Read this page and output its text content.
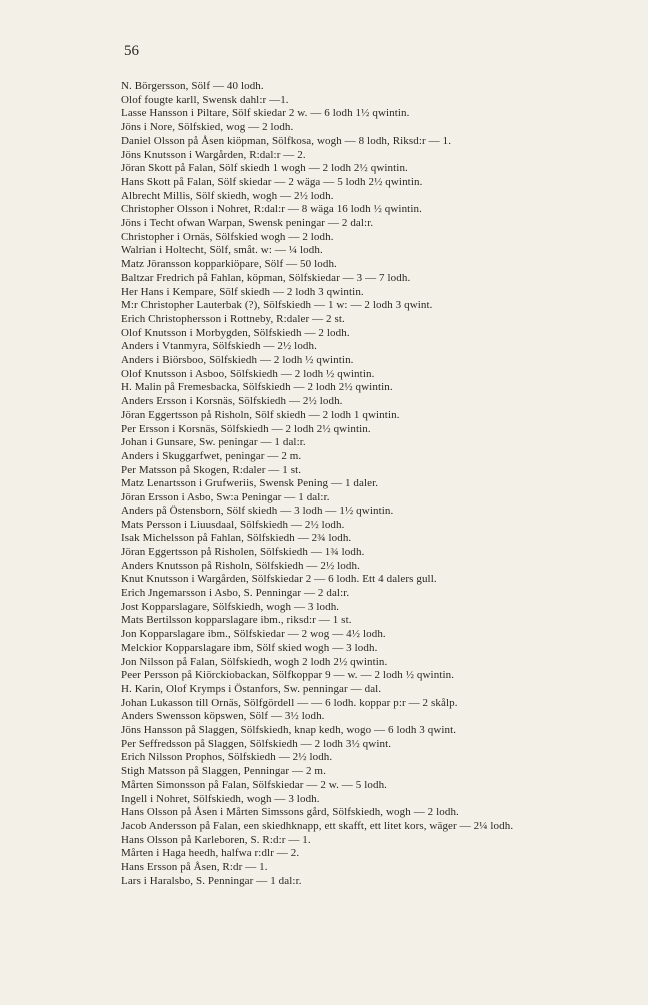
56
N. Börgersson, Sölf — 40 lodh.
Olof fougte karll, Swensk dahl:r —1.
Lasse Hansson i Piltare, Sölf skiedar 2 w. — 6 lodh 1½ qwintin.
Jöns i Nore, Sölfskied, wog — 2 lodh.
Daniel Olsson på Åsen kiöpman, Sölfkosa, wogh — 8 lodh, Riksd:r — 1.
Jöns Knutsson i Wargården, R:dal:r — 2.
Jöran Skott på Falan, Sölf skiedh 1 wogh — 2 lodh 2½ qwintin.
Hans Skott på Falan, Sölf skiedar — 2 wäga — 5 lodh 2½ qwintin.
Albrecht Millis, Sölf skiedh, wogh — 2½ lodh.
Christopher Olsson i Nohret, R:dal:r — 8 wäga 16 lodh ½ qwintin.
Jöns i Techt ofwan Warpan, Swensk peningar — 2 dal:r.
Christopher i Ornäs, Sölfskied wogh — 2 lodh.
Walrian i Holtecht, Sölf, småt. w: — ¼ lodh.
Matz Jöransson kopparkiöpare, Sölf — 50 lodh.
Baltzar Fredrich på Fahlan, köpman, Sölfskiedar — 3 — 7 lodh.
Her Hans i Kempare, Sölf skiedh — 2 lodh 3 qwintin.
M:r Christopher Lauterbak (?), Sölfskiedh — 1 w: — 2 lodh 3 qwint.
Erich Christophersson i Rottneby, R:daler — 2 st.
Olof Knutsson i Morbygden, Sölfskiedh — 2 lodh.
Anders i Vtanmyra, Sölfskiedh — 2½ lodh.
Anders i Biörsboo, Sölfskiedh — 2 lodh ½ qwintin.
Olof Knutsson i Asboo, Sölfskiedh — 2 lodh ½ qwintin.
H. Malin på Fremesbacka, Sölfskiedh — 2 lodh 2½ qwintin.
Anders Ersson i Korsnäs, Sölfskiedh — 2½ lodh.
Jöran Eggertsson på Risholn, Sölf skiedh — 2 lodh 1 qwintin.
Per Ersson i Korsnäs, Sölfskiedh — 2 lodh 2½ qwintin.
Johan i Gunsare, Sw. peningar — 1 dal:r.
Anders i Skuggarfwet, peningar — 2 m.
Per Matsson på Skogen, R:daler — 1 st.
Matz Lenartsson i Grufweriis, Swensk Pening — 1 daler.
Jöran Ersson i Asbo, Sw:a Peningar — 1 dal:r.
Anders på Östensborn, Sölf skiedh — 3 lodh — 1½ qwintin.
Mats Persson i Liuusdaal, Sölfskiedh — 2½ lodh.
Isak Michelsson på Fahlan, Sölfskiedh — 2¾ lodh.
Jöran Eggertsson på Risholen, Sölfskiedh — 1¾ lodh.
Anders Knutsson på Risholn, Sölfskiedh — 2½ lodh.
Knut Knutsson i Wargården, Sölfskiedar 2 — 6 lodh. Ett 4 dalers gull.
Erich Jngemarsson i Asbo, S. Penningar — 2 dal:r.
Jost Kopparslagare, Sölfskiedh, wogh — 3 lodh.
Mats Bertilsson kopparslagare ibm., riksd:r — 1 st.
Jon Kopparslagare ibm., Sölfskiedar — 2 wog — 4½ lodh.
Melckior Kopparslagare ibm, Sölf skied wogh — 3 lodh.
Jon Nilsson på Falan, Sölfskiedh, wogh 2 lodh 2½ qwintin.
Peer Persson på Kiörckiobackan, Sölfkoppar 9 — w. — 2 lodh ½ qwintin.
H. Karin, Olof Krymps i Östanfors, Sw. penningar — dal.
Johan Lukasson till Ornäs, Sölfgördell — — 6 lodh. koppar p:r — 2 skålp.
Anders Swensson köpswen, Sölf — 3½ lodh.
Jöns Hansson på Slaggen, Sölfskiedh, knap kedh, wogo — 6 lodh 3 qwint.
Per Seffredsson på Slaggen, Sölfskiedh — 2 lodh 3½ qwint.
Erich Nilsson Prophos, Sölfskiedh — 2½ lodh.
Stigh Matsson på Slaggen, Penningar — 2 m.
Mårten Simonsson på Falan, Sölfskiedar — 2 w. — 5 lodh.
Ingell i Nohret, Sölfskiedh, wogh — 3 lodh.
Hans Olsson på Åsen i Mårten Simssons gård, Sölfskiedh, wogh — 2 lodh.
Jacob Andersson på Falan, een skiedhknapp, ett skafft, ett litet kors, wäger — 2¼ lodh.
Hans Olsson på Karleboren, S. R:d:r — 1.
Mårten i Haga heedh, halfwa r:dlr — 2.
Hans Ersson på Åsen, R:dr — 1.
Lars i Haralsbo, S. Penningar — 1 dal:r.
